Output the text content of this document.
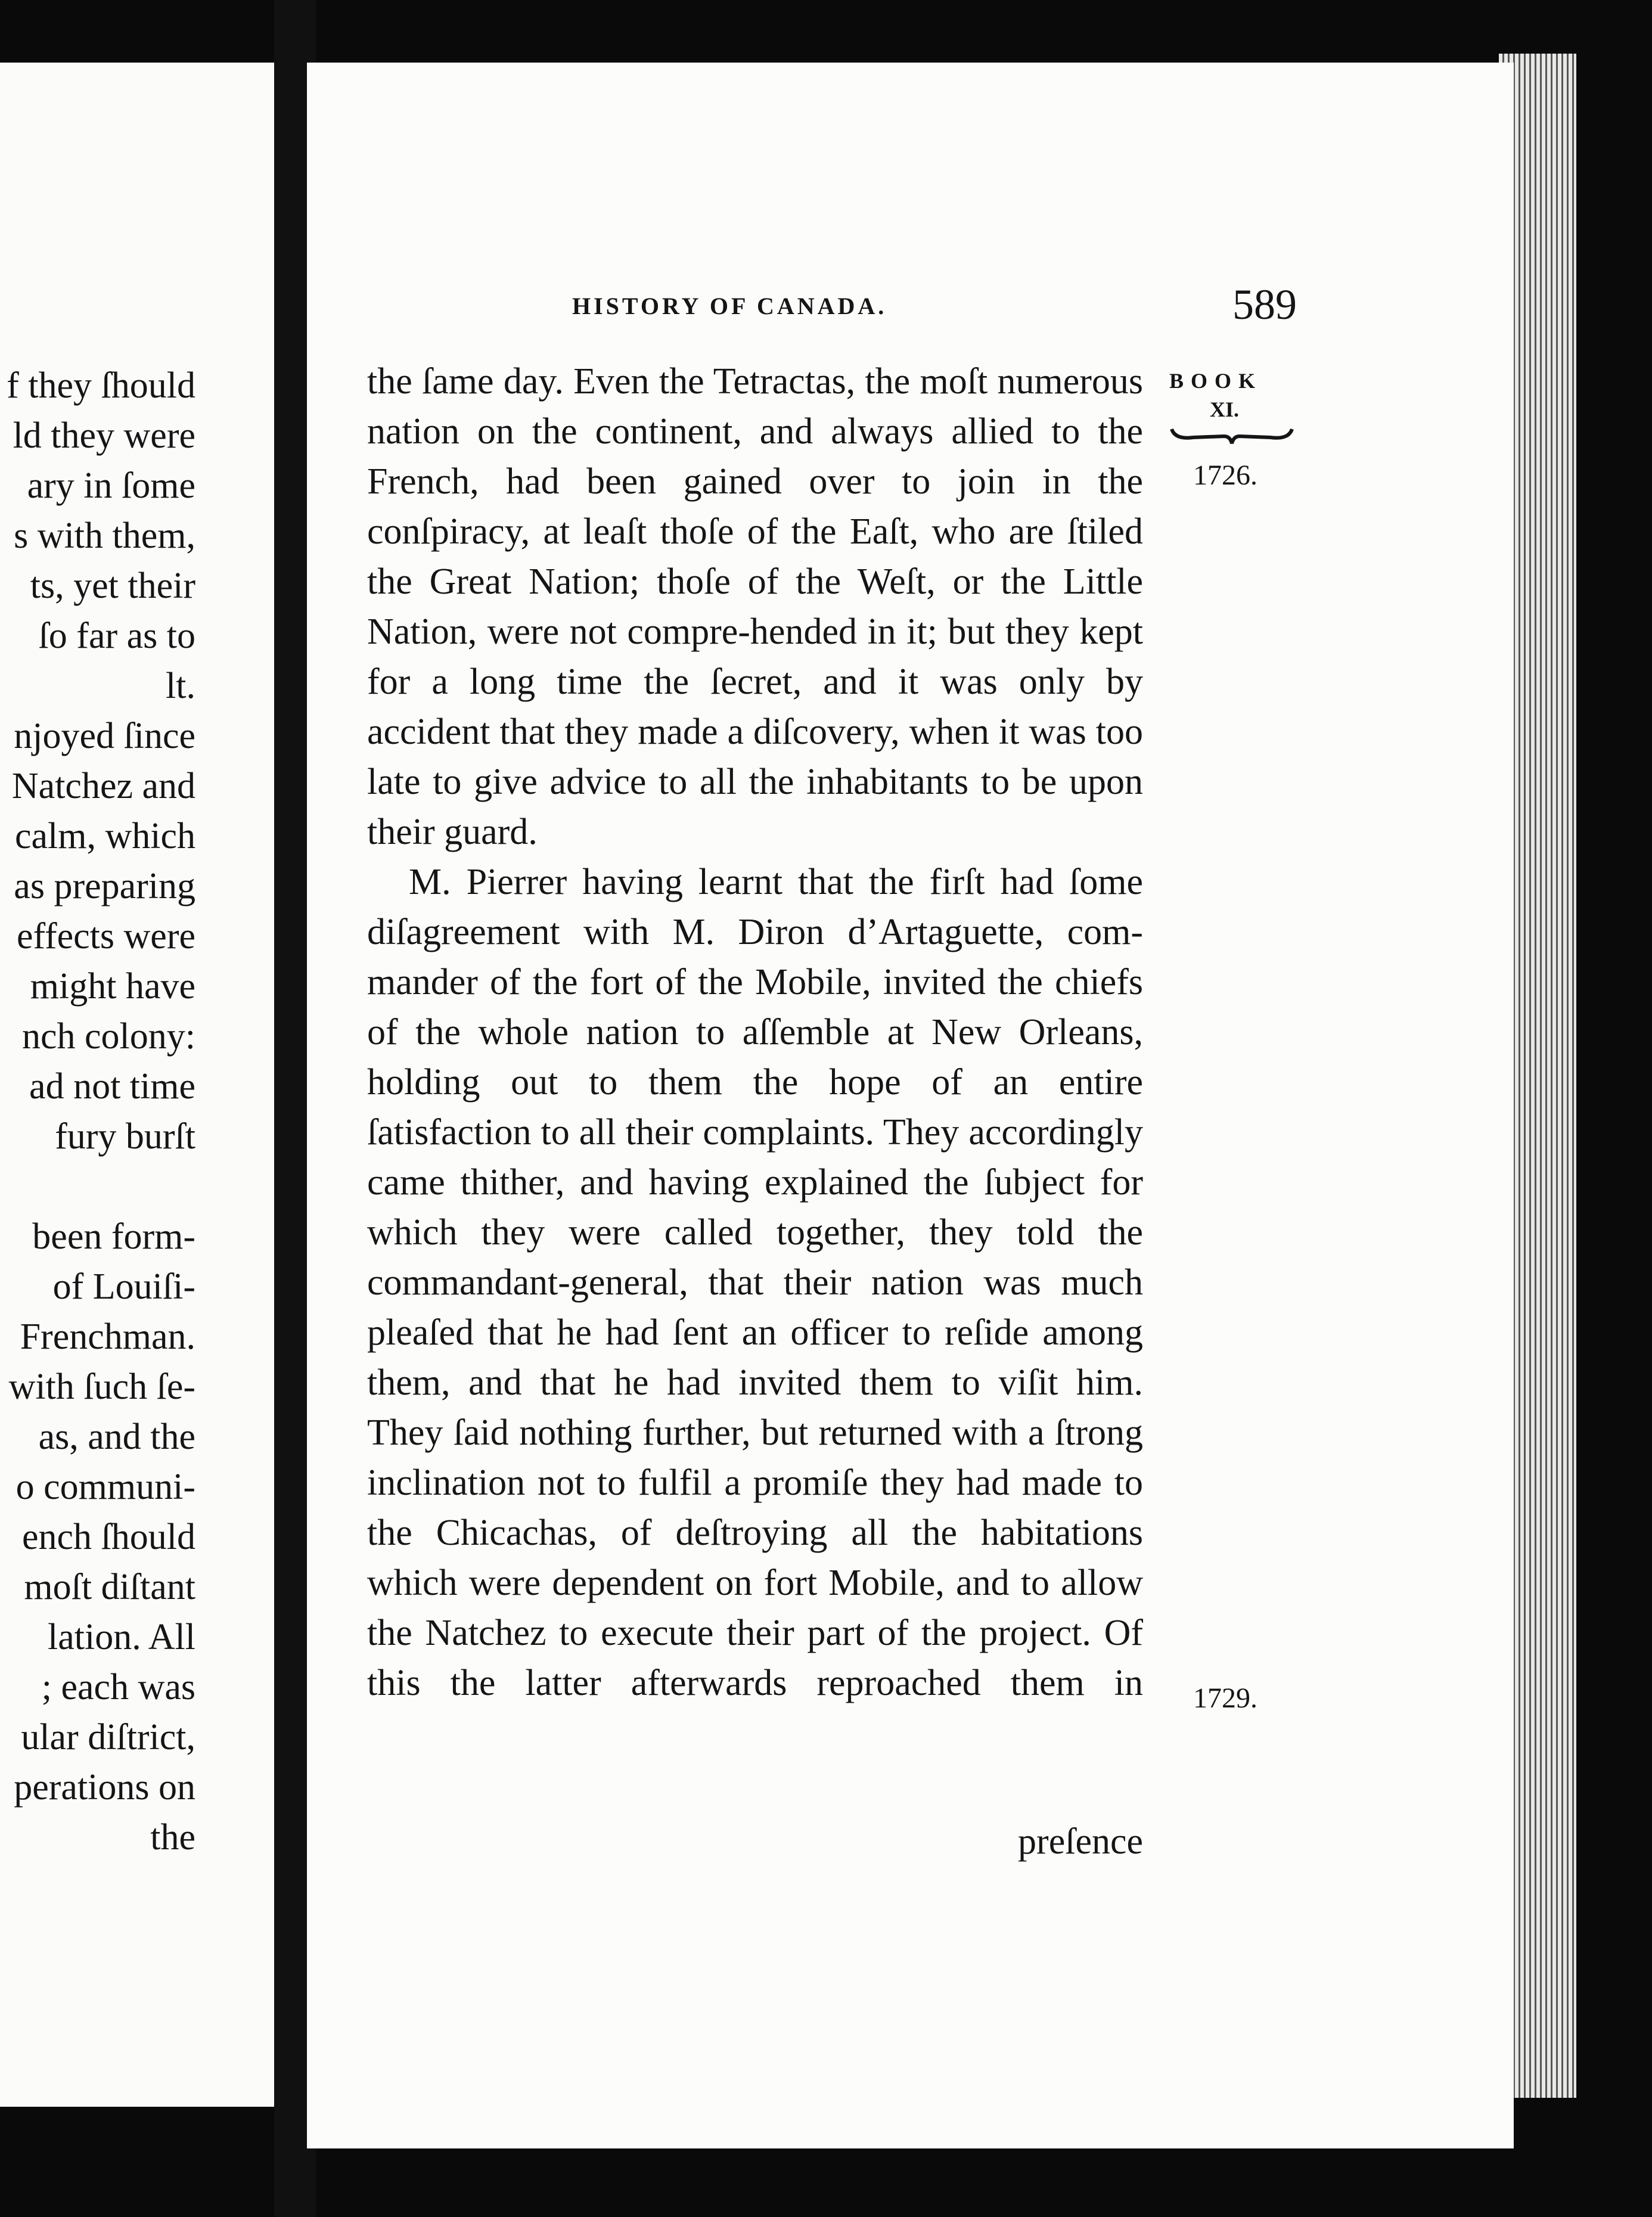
f they ſhould
ld they were
ary in ſome
s with them,
ts, yet their
ſo far as to
lt.
njoyed ſince
Natchez and
calm, which
as preparing
effects were
might have
nch colony:
ad not time
fury burſt
been form-
of Louiſi-
Frenchman.
with ſuch ſe-
as, and the
o communi-
ench ſhould
moſt diſtant
lation. All
; each was
ular diſtrict,
perations on
the
HISTORY OF CANADA.	589
BOOK
XI.
1726.
1729.

the ſame day. Even the Tetractas, the moſt numerous nation on the continent, and always allied to the French, had been gained over to join in the conſpiracy, at leaſt thoſe of the Eaſt, who are ſtiled the Great Nation; thoſe of the Weſt, or the Little Nation, were not compre-hended in it; but they kept for a long time the ſecret, and it was only by accident that they made a diſcovery, when it was too late to give advice to all the inhabitants to be upon their guard.

M. Pierrer having learnt that the firſt had ſome diſagreement with M. Diron d’Artaguette, com-mander of the fort of the Mobile, invited the chiefs of the whole nation to aſſemble at New Orleans, holding out to them the hope of an entire ſatisfaction to all their complaints. They accordingly came thither, and having explained the ſubject for which they were called together, they told the commandant-general, that their nation was much pleaſed that he had ſent an officer to reſide among them, and that he had invited them to viſit him. They ſaid nothing further, but returned with a ſtrong inclination not to fulfil a promiſe they had made to the Chicachas, of deſtroying all the habitations which were dependent on fort Mobile, and to allow the Natchez to execute their part of the project. Of this the latter afterwards reproached them in

preſence
